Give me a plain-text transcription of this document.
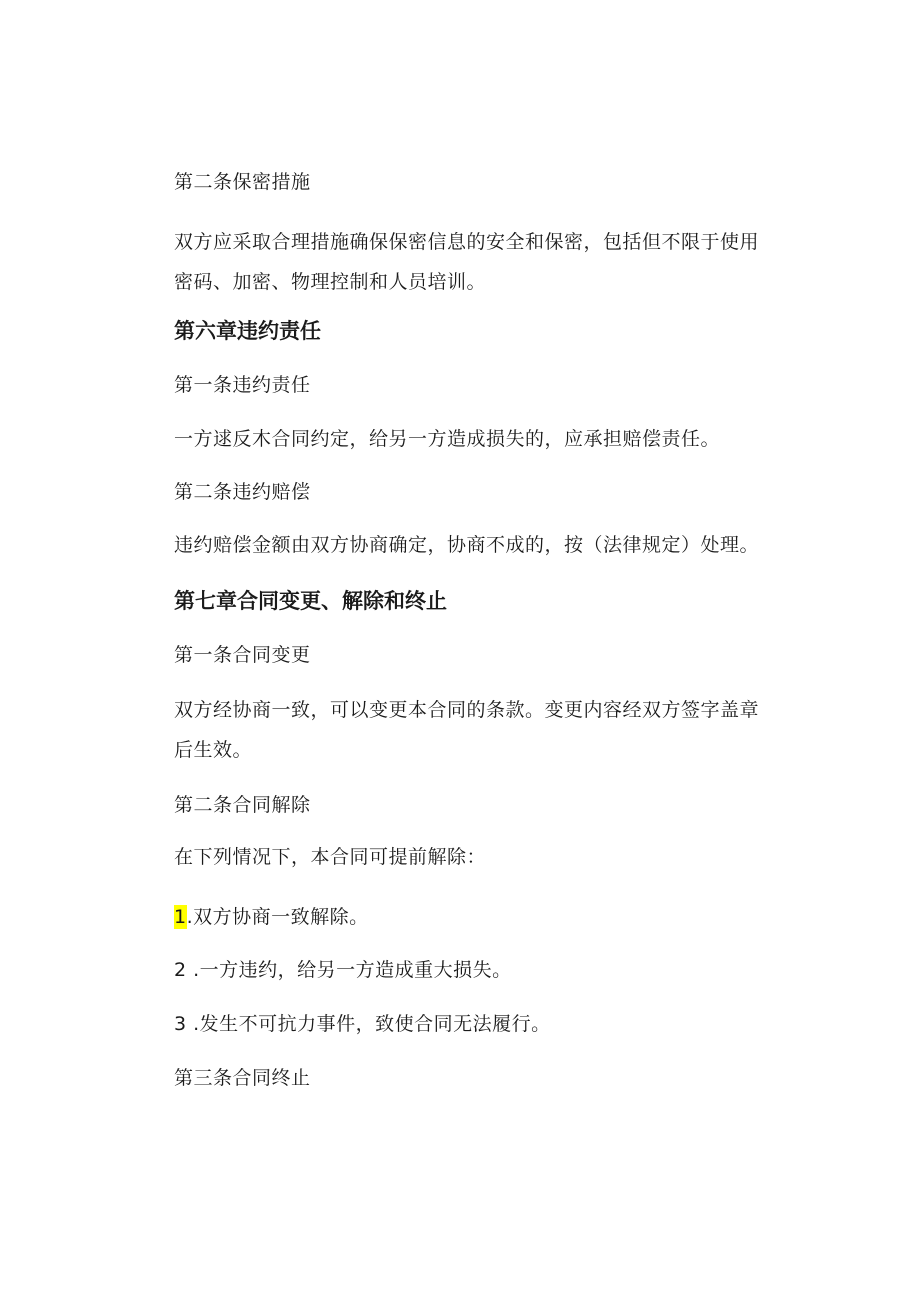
第二条保密措施
双方应采取合理措施确保保密信息的安全和保密，包括但不限于使用密码、加密、物理控制和人员培训。
第六章违约责任
第一条违约责任
一方逑反木合同约定，给另一方造成损失的，应承担赔偿责任。
第二条违约赔偿
违约赔偿金额由双方协商确定，协商不成的，按（法律规定）处理。
第七章合同变更、解除和终止
第一条合同变更
双方经协商一致，可以变更本合同的条款。变更内容经双方签字盖章后生效。
第二条合同解除
在下列情况下，本合同可提前解除：
1.双方协商一致解除。
2 .一方违约，给另一方造成重大损失。
3 .发生不可抗力事件，致使合同无法履行。
第三条合同终止
